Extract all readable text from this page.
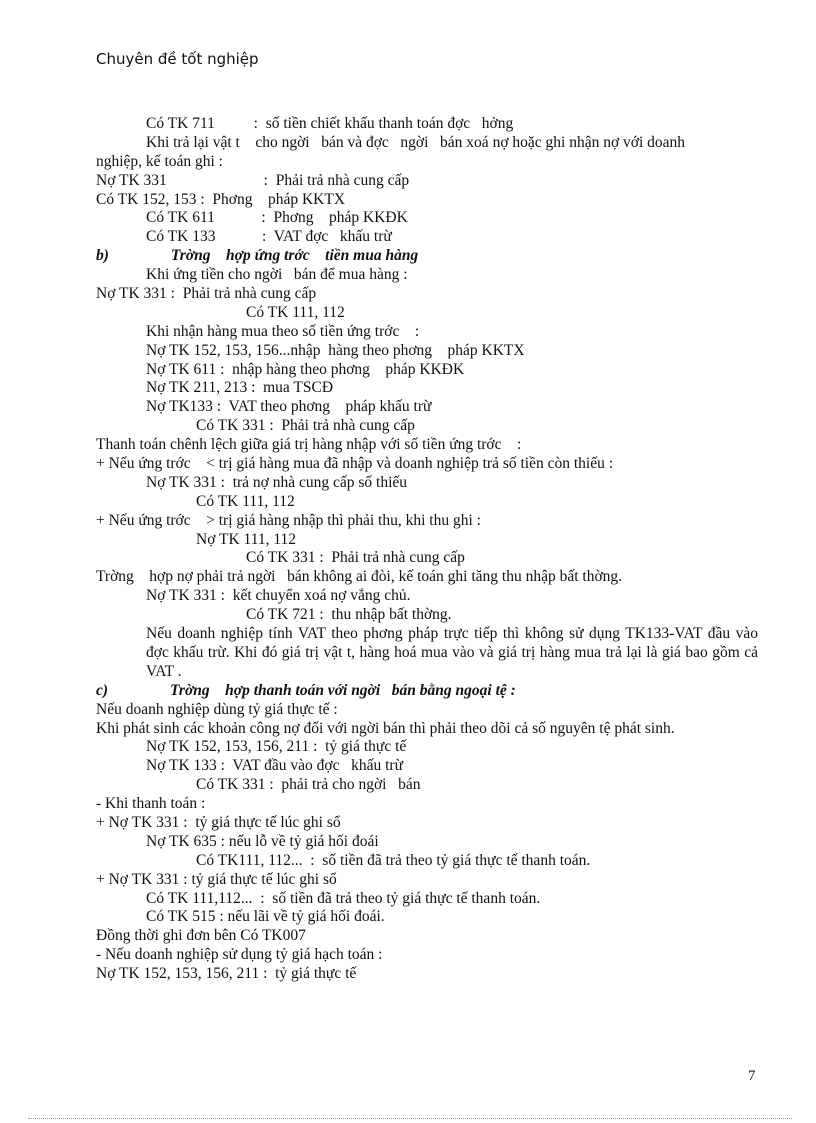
Chuyên đề tốt nghiệp
Có TK 711          :  số tiền chiết khấu thanh toán đợc   hởng
Khi trả lại vật t    cho ngời   bán và đợc   ngời   bán xoá nợ hoặc ghi nhận nợ với doanh
nghiệp, kế toán ghi :
Nợ TK 331                         :  Phải trả nhà cung cấp
Có TK 152, 153 :  Phơng    pháp KKTX
Có TK 611            :  Phơng    pháp KKĐK
Có TK 133            :  VAT đợc   khấu trừ
b)                Trờng    hợp ứng trớc    tiền mua hàng
Khi ứng tiền cho ngời   bán để mua hàng :
Nợ TK 331 :  Phải trả nhà cung cấp
Có TK 111, 112
Khi nhận hàng mua theo số tiền ứng trớc    :
Nợ TK 152, 153, 156...nhập  hàng theo phơng    pháp KKTX
Nợ TK 611 :  nhập hàng theo phơng    pháp KKĐK
Nợ TK 211, 213 :  mua TSCĐ
Nợ TK133 :  VAT theo phơng    pháp khấu trừ
Có TK 331 :  Phải trả nhà cung cấp
Thanh toán chênh lệch giữa giá trị hàng nhập với số tiền ứng trớc    :
+ Nếu ứng trớc    < trị giá hàng mua đã nhập và doanh nghiệp trả số tiền còn thiếu :
Nợ TK 331 :  trả nợ nhà cung cấp số thiếu
Có TK 111, 112
+ Nếu ứng trớc    > trị giá hàng nhập thì phải thu, khi thu ghi :
Nợ TK 111, 112
Có TK 331 :  Phải trả nhà cung cấp
Trờng    hợp nợ phải trả ngời   bán không ai đòi, kế toán ghi tăng thu nhập bất thờng.
Nợ TK 331 :  kết chuyển xoá nợ vắng chủ.
Có TK 721 :  thu nhập bất thờng.
Nếu doanh nghiệp tính VAT theo phơng pháp trực tiếp thì không sử dụng TK133-VAT đầu vào đợc khấu trừ. Khi đó giá trị vật t, hàng hoá mua vào và giá trị hàng mua trả lại là giá bao gồm cả VAT .
c)                Trờng    hợp thanh toán với ngời   bán bằng ngoại tệ :
Nếu doanh nghiệp dùng tỷ giá thực tế :
Khi phát sinh các khoản công nợ đối với ngời bán thì phải theo dõi cả số nguyên tệ phát sinh.
Nợ TK 152, 153, 156, 211 :  tỷ giá thực tế
Nợ TK 133 :  VAT đầu vào đợc   khấu trừ
Có TK 331 :  phải trả cho ngời   bán
- Khi thanh toán :
+ Nợ TK 331 :  tỷ giá thực tế lúc ghi sổ
Nợ TK 635 : nếu lỗ về tỷ giá hối đoái
Có TK111, 112...  :  số tiền đã trả theo tỷ giá thực tế thanh toán.
+ Nợ TK 331 : tỷ giá thực tế lúc ghi sổ
Có TK 111,112...  :  số tiền đã trả theo tỷ giá thực tế thanh toán.
Có TK 515 : nếu lãi về tỷ giá hối đoái.
Đồng thời ghi đơn bên Có TK007
- Nếu doanh nghiệp sử dụng tỷ giá hạch toán :
Nợ TK 152, 153, 156, 211 :  tỷ giá thực tế
7
